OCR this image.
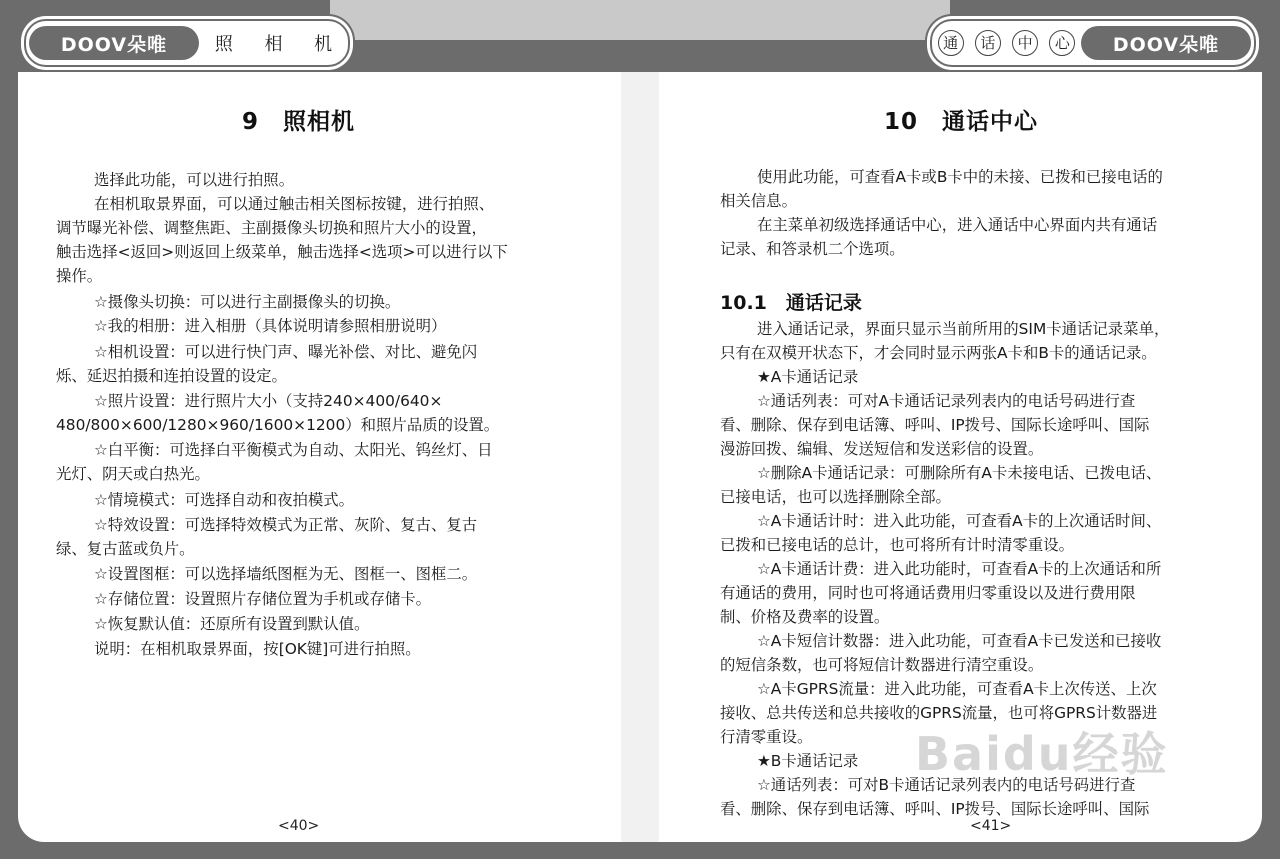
DOOV朵唯	照 相 机	通	话	中	心	DOOV朵唯
9　照相机
选择此功能，可以进行拍照。
在相机取景界面，可以通过触击相关图标按键，进行拍照、
调节曝光补偿、调整焦距、主副摄像头切换和照片大小的设置，
触击选择<返回>则返回上级菜单，触击选择<选项>可以进行以下
操作。
☆摄像头切换：可以进行主副摄像头的切换。
☆我的相册：进入相册（具体说明请参照相册说明）
☆相机设置：可以进行快门声、曝光补偿、对比、避免闪
烁、延迟拍摄和连拍设置的设定。
☆照片设置：进行照片大小（支持240×400/640×
480/800×600/1280×960/1600×1200）和照片品质的设置。
☆白平衡：可选择白平衡模式为自动、太阳光、钨丝灯、日
光灯、阴天或白热光。
☆情境模式：可选择自动和夜拍模式。
☆特效设置：可选择特效模式为正常、灰阶、复古、复古
绿、复古蓝或负片。
☆设置图框：可以选择墙纸图框为无、图框一、图框二。
☆存储位置：设置照片存储位置为手机或存储卡。
☆恢复默认值：还原所有设置到默认值。
说明：在相机取景界面，按[OK键]可进行拍照。
<40>
10　通话中心
使用此功能，可查看A卡或B卡中的未接、已拨和已接电话的
相关信息。
在主菜单初级选择通话中心，进入通话中心界面内共有通话
记录、和答录机二个选项。
10.1　通话记录
进入通话记录，界面只显示当前所用的SIM卡通话记录菜单，
只有在双模开状态下，才会同时显示两张A卡和B卡的通话记录。
★A卡通话记录
☆通话列表：可对A卡通话记录列表内的电话号码进行查
看、删除、保存到电话簿、呼叫、IP拨号、国际长途呼叫、国际
漫游回拨、编辑、发送短信和发送彩信的设置。
☆删除A卡通话记录：可删除所有A卡未接电话、已拨电话、
已接电话，也可以选择删除全部。
☆A卡通话计时：进入此功能，可查看A卡的上次通话时间、
已拨和已接电话的总计，也可将所有计时清零重设。
☆A卡通话计费：进入此功能时，可查看A卡的上次通话和所
有通话的费用，同时也可将通话费用归零重设以及进行费用限
制、价格及费率的设置。
☆A卡短信计数器：进入此功能，可查看A卡已发送和已接收
的短信条数，也可将短信计数器进行清空重设。
☆A卡GPRS流量：进入此功能，可查看A卡上次传送、上次
接收、总共传送和总共接收的GPRS流量，也可将GPRS计数器进
行清零重设。
★B卡通话记录
☆通话列表：可对B卡通话记录列表内的电话号码进行查
看、删除、保存到电话簿、呼叫、IP拨号、国际长途呼叫、国际
<41>
Baidu经验
